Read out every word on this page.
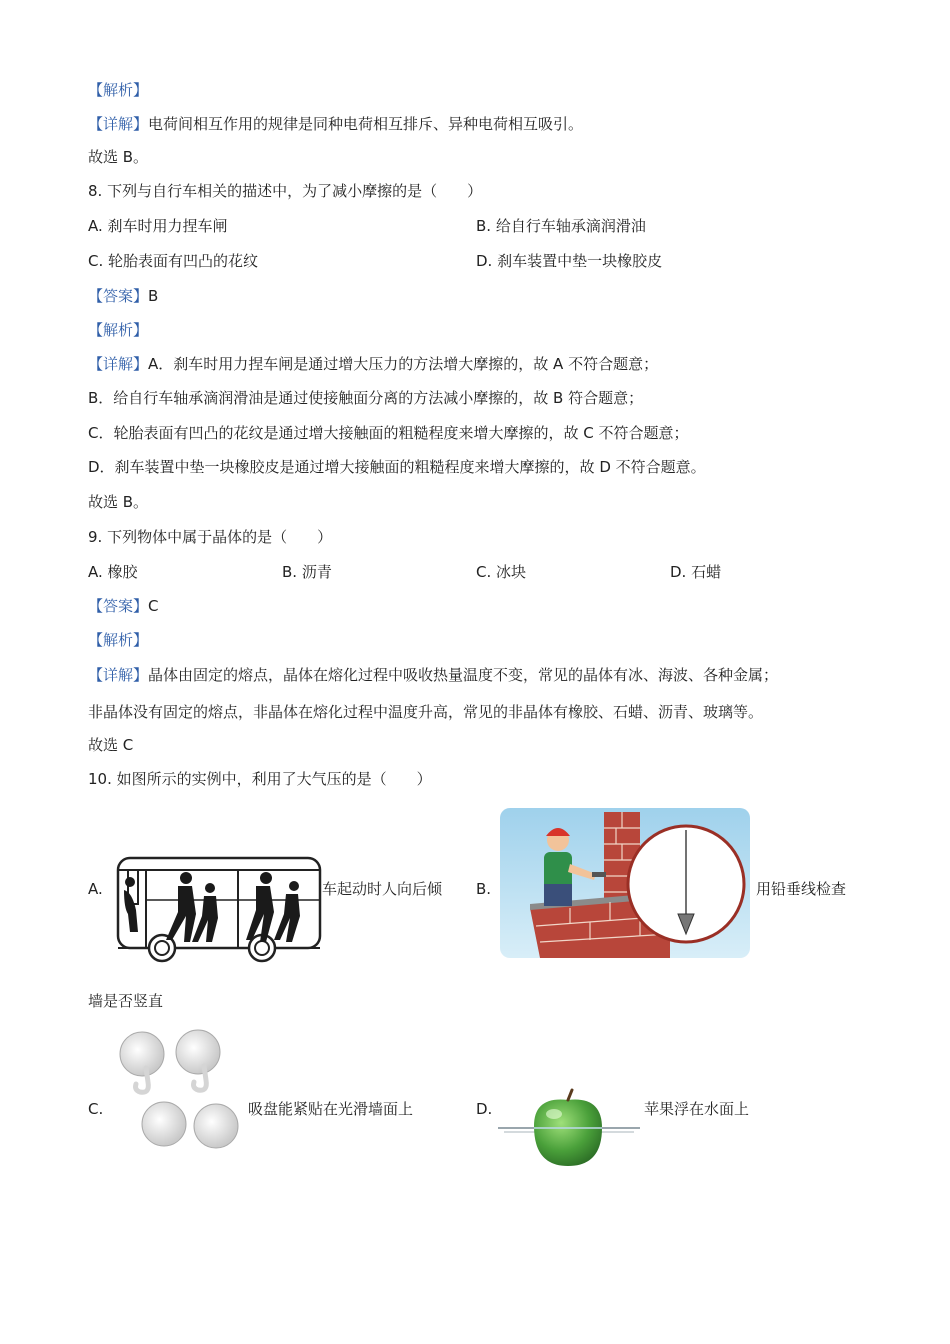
【解析】
【详解】电荷间相互作用的规律是同种电荷相互排斥、异种电荷相互吸引。
故选 B。
8. 下列与自行车相关的描述中，为了减小摩擦的是（　　）
A. 刹车时用力捏车闸	B. 给自行车轴承滴润滑油
C. 轮胎表面有凹凸的花纹	D. 刹车装置中垫一块橡胶皮
【答案】B
【解析】
【详解】A．刹车时用力捏车闸是通过增大压力的方法增大摩擦的，故 A 不符合题意；
B．给自行车轴承滴润滑油是通过使接触面分离的方法减小摩擦的，故 B 符合题意；
C．轮胎表面有凹凸的花纹是通过增大接触面的粗糙程度来增大摩擦的，故 C 不符合题意；
D．刹车装置中垫一块橡胶皮是通过增大接触面的粗糙程度来增大摩擦的，故 D 不符合题意。
故选 B。
9. 下列物体中属于晶体的是（　　）
A. 橡胶	B. 沥青	C. 冰块	D. 石蜡
【答案】C
【解析】
【详解】晶体由固定的熔点，晶体在熔化过程中吸收热量温度不变，常见的晶体有冰、海波、各种金属；
非晶体没有固定的熔点，非晶体在熔化过程中温度升高，常见的非晶体有橡胶、石蜡、沥青、玻璃等。
故选 C
10. 如图所示的实例中，利用了大气压的是（　　）
A.	车起动时人向后倾 B.	用铅垂线检查
墙是否竖直
C.	吸盘能紧贴在光滑墙面上	D.	苹果浮在水面上
